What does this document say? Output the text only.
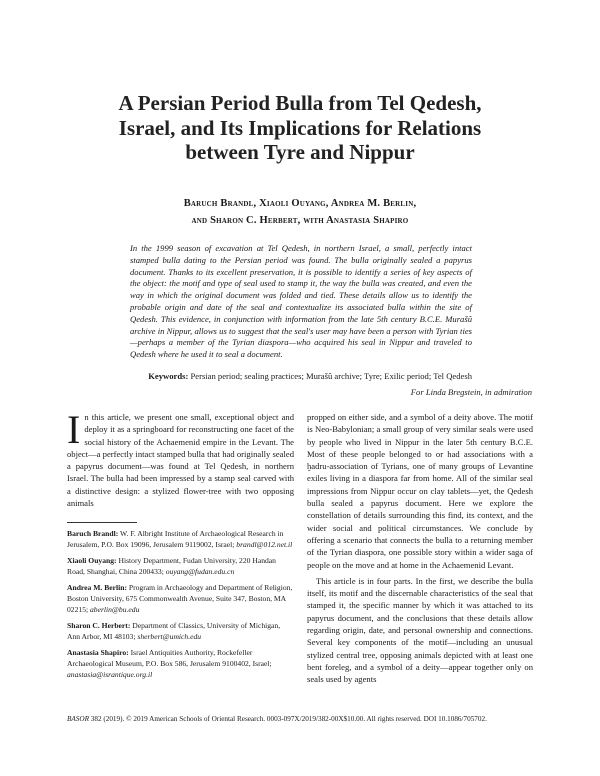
A Persian Period Bulla from Tel Qedesh,
Israel, and Its Implications for Relations
between Tyre and Nippur
Baruch Brandl, Xiaoli Ouyang, Andrea M. Berlin,
and Sharon C. Herbert, with Anastasia Shapiro
In the 1999 season of excavation at Tel Qedesh, in northern Israel, a small, perfectly intact stamped bulla dating to the Persian period was found. The bulla originally sealed a papyrus document. Thanks to its excellent preservation, it is possible to identify a series of key aspects of the object: the motif and type of seal used to stamp it, the way the bulla was created, and even the way in which the original document was folded and tied. These details allow us to identify the probable origin and date of the seal and contextualize its associated bulla within the site of Qedesh. This evidence, in conjunction with information from the late 5th century B.C.E. Murašû archive in Nippur, allows us to suggest that the seal's user may have been a person with Tyrian ties—perhaps a member of the Tyrian diaspora—who acquired his seal in Nippur and traveled to Qedesh where he used it to seal a document.
Keywords: Persian period; sealing practices; Murašû archive; Tyre; Exilic period; Tel Qedesh
For Linda Bregstein, in admiration

In this article, we present one small, exceptional object and deploy it as a springboard for reconstructing one facet of the social history of the Achaemenid empire in the Levant. The object—a perfectly intact stamped bulla that had originally sealed a papyrus document—was found at Tel Qedesh, in northern Israel. The bulla had been impressed by a stamp seal carved with a distinctive design: a stylized flower-tree with two opposing animals

Baruch Brandl: W. F. Albright Institute of Archaeological Research in Jerusalem, P.O. Box 19096, Jerusalem 9119002, Israel; brandl@012.net.il
Xiaoli Ouyang: History Department, Fudan University, 220 Handan Road, Shanghai, China 200433; ouyang@fudan.edu.cn
Andrea M. Berlin: Program in Archaeology and Department of Religion, Boston University, 675 Commonwealth Avenue, Suite 347, Boston, MA 02215; aberlin@bu.edu
Sharon C. Herbert: Department of Classics, University of Michigan, Ann Arbor, MI 48103; sherbert@umich.edu
Anastasia Shapiro: Israel Antiquities Authority, Rockefeller Archaeological Museum, P.O. Box 586, Jerusalem 9100402, Israel; anastasia@israntique.org.il

propped on either side, and a symbol of a deity above. The motif is Neo-Babylonian; a small group of very similar seals were used by people who lived in Nippur in the later 5th century B.C.E. Most of these people belonged to or had associations with a ḫadru-association of Tyrians, one of many groups of Levantine exiles living in a diaspora far from home. All of the similar seal impressions from Nippur occur on clay tablets—yet, the Qedesh bulla sealed a papyrus document. Here we explore the constellation of details surrounding this find, its context, and the wider social and political circumstances. We conclude by offering a scenario that connects the bulla to a returning member of the Tyrian diaspora, one possible story within a wider saga of people on the move and at home in the Achaemenid Levant.

This article is in four parts. In the first, we describe the bulla itself, its motif and the discernable characteristics of the seal that stamped it, the specific manner by which it was attached to its papyrus document, and the conclusions that these details allow regarding origin, date, and personal ownership and connections. Several key components of the motif—including an unusual stylized central tree, opposing animals depicted with at least one bent foreleg, and a symbol of a deity—appear together only on seals used by agents

BASOR 382 (2019). © 2019 American Schools of Oriental Research. 0003-097X/2019/382-00X$10.00. All rights reserved. DOI 10.1086/705702.
